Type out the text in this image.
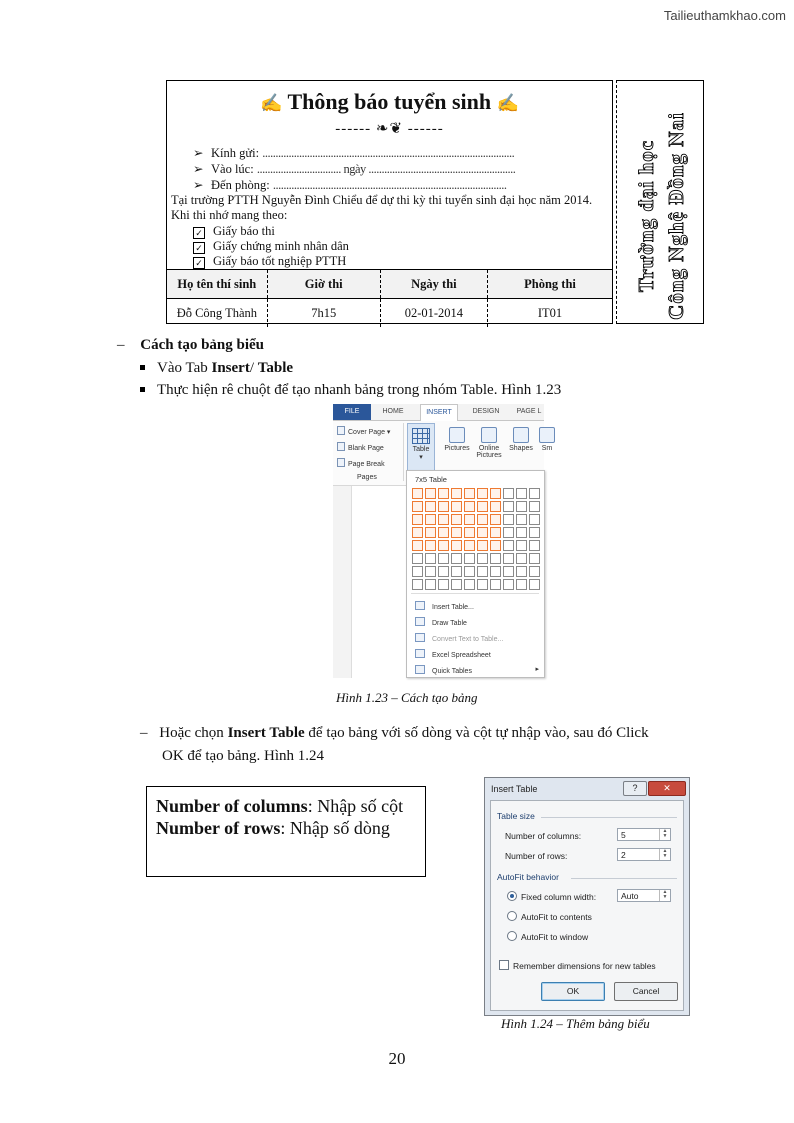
Tailieuthamkhao.com
✍ Thông báo tuyển sinh ✍
------ ❧❦ ------
➢ Kính gửi: ................................................................................................
➢ Vào lúc: ................................ ngày ........................................................
➢ Đến phòng: .........................................................................................
Tại trường PTTH Nguyễn Đình Chiểu để dự thi kỳ thi tuyển sinh đại học năm 2014. Khi thi nhớ mang theo:
✓ Giấy báo thi
✓ Giấy chứng minh nhân dân
✓ Giấy báo tốt nghiệp PTTH
Họ tên thí sinh	Giờ thi	Ngày thi	Phòng thi
Đỗ Công Thành	7h15	02-01-2014	IT01
Trường đại học Công Nghệ Đồng Nai
– Cách tạo bảng biểu
Vào Tab Insert/ Table
Thực hiện rê chuột để tạo nhanh bảng trong nhóm Table. Hình 1.23
FILE	HOME	INSERT	DESIGN	PAGE L
Cover Page ▾
Blank Page
Page Break
Pages
Table
▾
Pictures	Online Pictures
Shapes	Sm
7x5 Table
Insert Table...
Draw Table
Convert Text to Table...
Excel Spreadsheet
Quick Tables	▸
Hình 1.23 – Cách tạo bảng
– Hoặc chọn Insert Table để tạo bảng với số dòng và cột tự nhập vào, sau đó Click
OK để tạo bảng. Hình 1.24
Number of columns: Nhập số cột
Number of rows: Nhập số dòng
Insert Table	?	✕
Table size
Number of columns:	5	▲
▼
Number of rows:	2	▲
▼
AutoFit behavior
Fixed column width:	Auto	▲
▼
AutoFit to contents
AutoFit to window
Remember dimensions for new tables
OK	Cancel
Hình 1.24 – Thêm bảng biểu
20
